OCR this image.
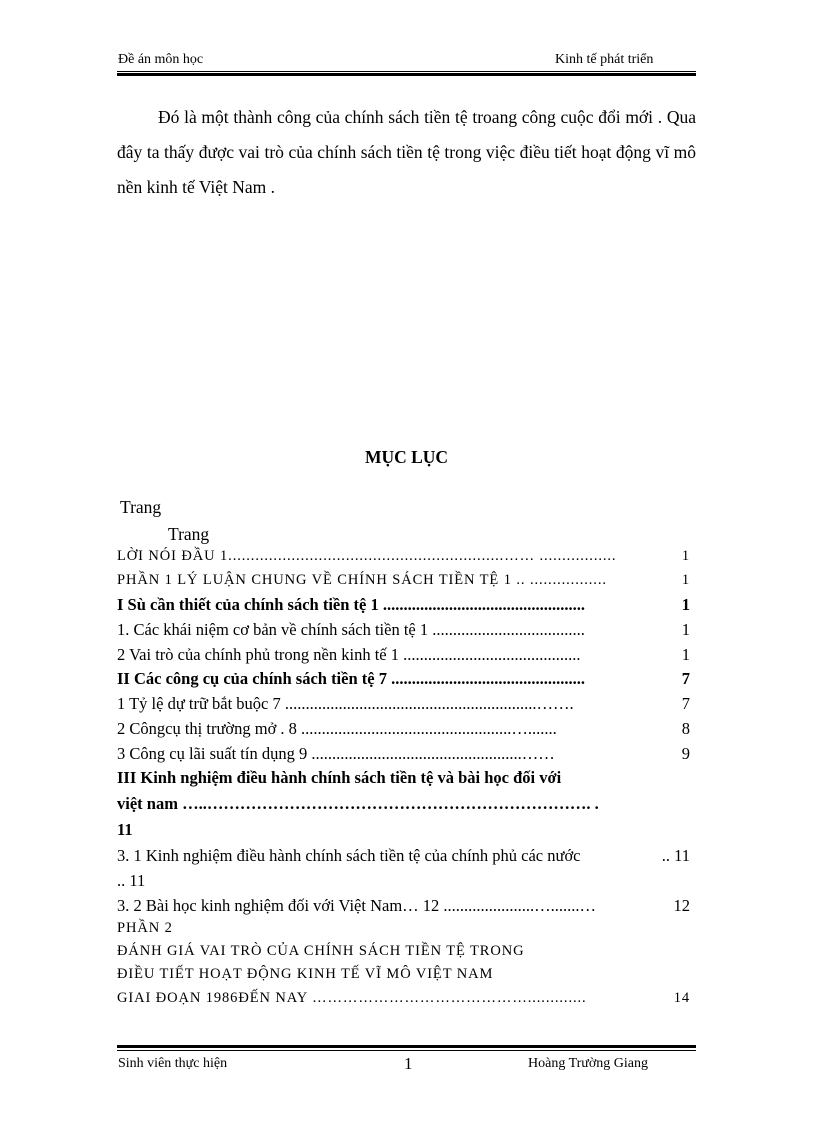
Đề án môn học	Kinh tế phát triển

Đó là một thành công của chính sách tiền tệ troang công cuộc đổi mới . Qua đây ta thấy được vai trò của chính sách tiền tệ trong việc điều tiết hoạt động vĩ mô nền kinh tế Việt Nam .

MỤC LỤC
Trang
Trang
LỜI NÓI ĐẦU 1.............................................................…… .................	1
PHẦN 1 LÝ LUẬN CHUNG VỀ CHÍNH SÁCH TIỀN TỆ 1 .. .................	1
I Sù cần thiết của chính sách tiền tệ 1 .................................................	1
1. Các khái niệm cơ bản về chính sách tiền tệ 1 .....................................	1
2 Vai trò của chính phủ trong nền kinh tế 1 ...........................................	1
II Các công cụ của chính sách tiền tệ 7 ...............................................	7
1 Tỷ lệ dự trữ bắt buộc 7 .............................................................…….	7
2 Côngcụ thị trường mở . 8 ...................................................….......	8
3 Công cụ lãi suất tín dụng 9 ...................................................……	9
III Kinh nghiệm điều hành chính sách tiền tệ và bài học đối với
việt nam …..……………………………………………………………. .
11
3. 1 Kinh nghiệm điều hành chính sách tiền tệ của chính phủ các nước	.. 11
.. 11
3. 2 Bài học kinh nghiệm đối với Việt Nam… 12 ......................….......…	12
PHẦN 2
ĐÁNH GIÁ VAI TRÒ CỦA CHÍNH SÁCH TIỀN TỆ TRONG
ĐIỀU TIẾT HOẠT ĐỘNG KINH TẾ VĨ MÔ VIỆT NAM
GIAI ĐOẠN 1986ĐẾN NAY …………………………………….............	14
Sinh viên thực hiện	1	Hoàng Trường Giang
